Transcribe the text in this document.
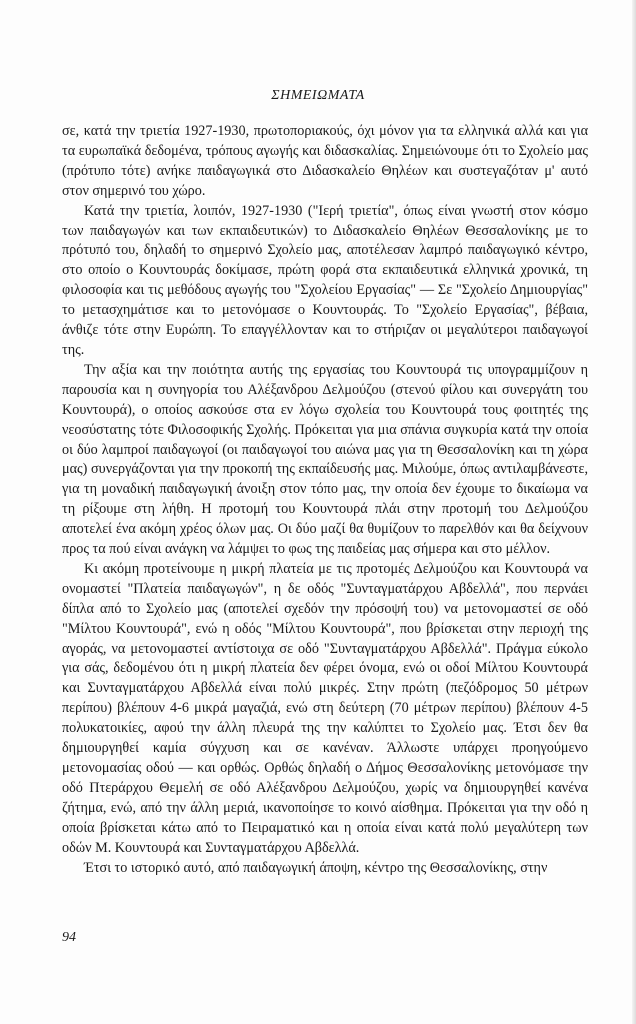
ΣΗΜΕΙΩΜΑΤΑ

σε, κατά την τριετία 1927-1930, πρωτοποριακούς, όχι μόνον για τα ελληνικά αλλά και για τα ευρωπαϊκά δεδομένα, τρόπους αγωγής και διδασκαλίας. Σημειώνουμε ότι το Σχολείο μας (πρότυπο τότε) ανήκε παιδαγωγικά στο Διδασκαλείο Θηλέων και συστεγαζόταν μ' αυτό στον σημερινό του χώρο.

Κατά την τριετία, λοιπόν, 1927-1930 ("Ιερή τριετία", όπως είναι γνωστή στον κόσμο των παιδαγωγών και των εκπαιδευτικών) το Διδασκαλείο Θηλέων Θεσσαλονίκης με το πρότυπό του, δηλαδή το σημερινό Σχολείο μας, αποτέλεσαν λαμπρό παιδαγωγικό κέντρο, στο οποίο ο Κουντουράς δοκίμασε, πρώτη φορά στα εκπαιδευτικά ελληνικά χρονικά, τη φιλοσοφία και τις μεθόδους αγωγής του "Σχολείου Εργασίας" — Σε "Σχολείο Δημιουργίας" το μετασχημάτισε και το μετονόμασε ο Κουντουράς. Το "Σχολείο Εργασίας", βέβαια, άνθιζε τότε στην Ευρώπη. Το επαγγέλλονταν και το στήριζαν οι μεγαλύτεροι παιδαγωγοί της.

Την αξία και την ποιότητα αυτής της εργασίας του Κουντουρά τις υπογραμμίζουν η παρουσία και η συνηγορία του Αλέξανδρου Δελμούζου (στενού φίλου και συνεργάτη του Κουντουρά), ο οποίος ασκούσε στα εν λόγω σχολεία του Κουντουρά τους φοιτητές της νεοσύστατης τότε Φιλοσοφικής Σχολής. Πρόκειται για μια σπάνια συγκυρία κατά την οποία οι δύο λαμπροί παιδαγωγοί (οι παιδαγωγοί του αιώνα μας για τη Θεσσαλονίκη και τη χώρα μας) συνεργάζονται για την προκοπή της εκπαίδευσής μας. Μιλούμε, όπως αντιλαμβάνεστε, για τη μοναδική παιδαγωγική άνοιξη στον τόπο μας, την οποία δεν έχουμε το δικαίωμα να τη ρίξουμε στη λήθη. Η προτομή του Κουντουρά πλάι στην προτομή του Δελμούζου αποτελεί ένα ακόμη χρέος όλων μας. Οι δύο μαζί θα θυμίζουν το παρελθόν και θα δείχνουν προς τα πού είναι ανάγκη να λάμψει το φως της παιδείας μας σήμερα και στο μέλλον.

Κι ακόμη προτείνουμε η μικρή πλατεία με τις προτομές Δελμούζου και Κουντουρά να ονομαστεί "Πλατεία παιδαγωγών", η δε οδός "Συνταγματάρχου Αβδελλά", που περνάει δίπλα από το Σχολείο μας (αποτελεί σχεδόν την πρόσοψή του) να μετονομαστεί σε οδό "Μίλτου Κουντουρά", ενώ η οδός "Μίλτου Κουντουρά", που βρίσκεται στην περιοχή της αγοράς, να μετονομαστεί αντίστοιχα σε οδό "Συνταγματάρχου Αβδελλά". Πράγμα εύκολο για σάς, δεδομένου ότι η μικρή πλατεία δεν φέρει όνομα, ενώ οι οδοί Μίλτου Κουντουρά και Συνταγματάρχου Αβδελλά είναι πολύ μικρές. Στην πρώτη (πεζόδρομος 50 μέτρων περίπου) βλέπουν 4-6 μικρά μαγαζιά, ενώ στη δεύτερη (70 μέτρων περίπου) βλέπουν 4-5 πολυκατοικίες, αφού την άλλη πλευρά της την καλύπτει το Σχολείο μας. Έτσι δεν θα δημιουργηθεί καμία σύγχυση και σε κανέναν. Άλλωστε υπάρχει προηγούμενο μετονομασίας οδού — και ορθώς. Ορθώς δηλαδή ο Δήμος Θεσσαλονίκης μετονόμασε την οδό Πτεράρχου Θεμελή σε οδό Αλέξανδρου Δελμούζου, χωρίς να δημιουργηθεί κανένα ζήτημα, ενώ, από την άλλη μεριά, ικανοποίησε το κοινό αίσθημα. Πρόκειται για την οδό η οποία βρίσκεται κάτω από το Πειραματικό και η οποία είναι κατά πολύ μεγαλύτερη των οδών Μ. Κουντουρά και Συνταγματάρχου Αβδελλά.

Έτσι το ιστορικό αυτό, από παιδαγωγική άποψη, κέντρο της Θεσσαλονίκης, στην

94
